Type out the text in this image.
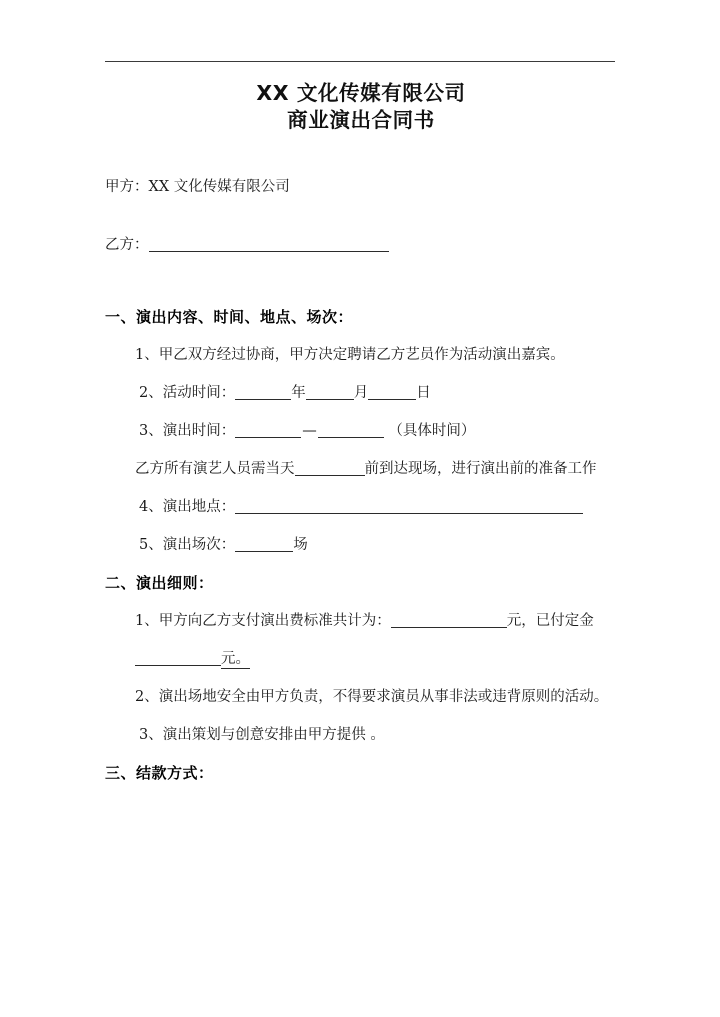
XX 文化传媒有限公司
商业演出合同书
甲方：XX 文化传媒有限公司
乙方：
一、演出内容、时间、地点、场次：
1、甲乙双方经过协商，甲方决定聘请乙方艺员作为活动演出嘉宾。
2、活动时间：	年	月	日
3、演出时间：	—	（具体时间）
乙方所有演艺人员需当天	前到达现场，进行演出前的准备工作
4、演出地点：
5、演出场次：	场
二、演出细则：
1、甲方向乙方支付演出费标准共计为：	元，已付定金元。
2、演出场地安全由甲方负责，不得要求演员从事非法或违背原则的活动。
3、演出策划与创意安排由甲方提供 。
三、结款方式：
